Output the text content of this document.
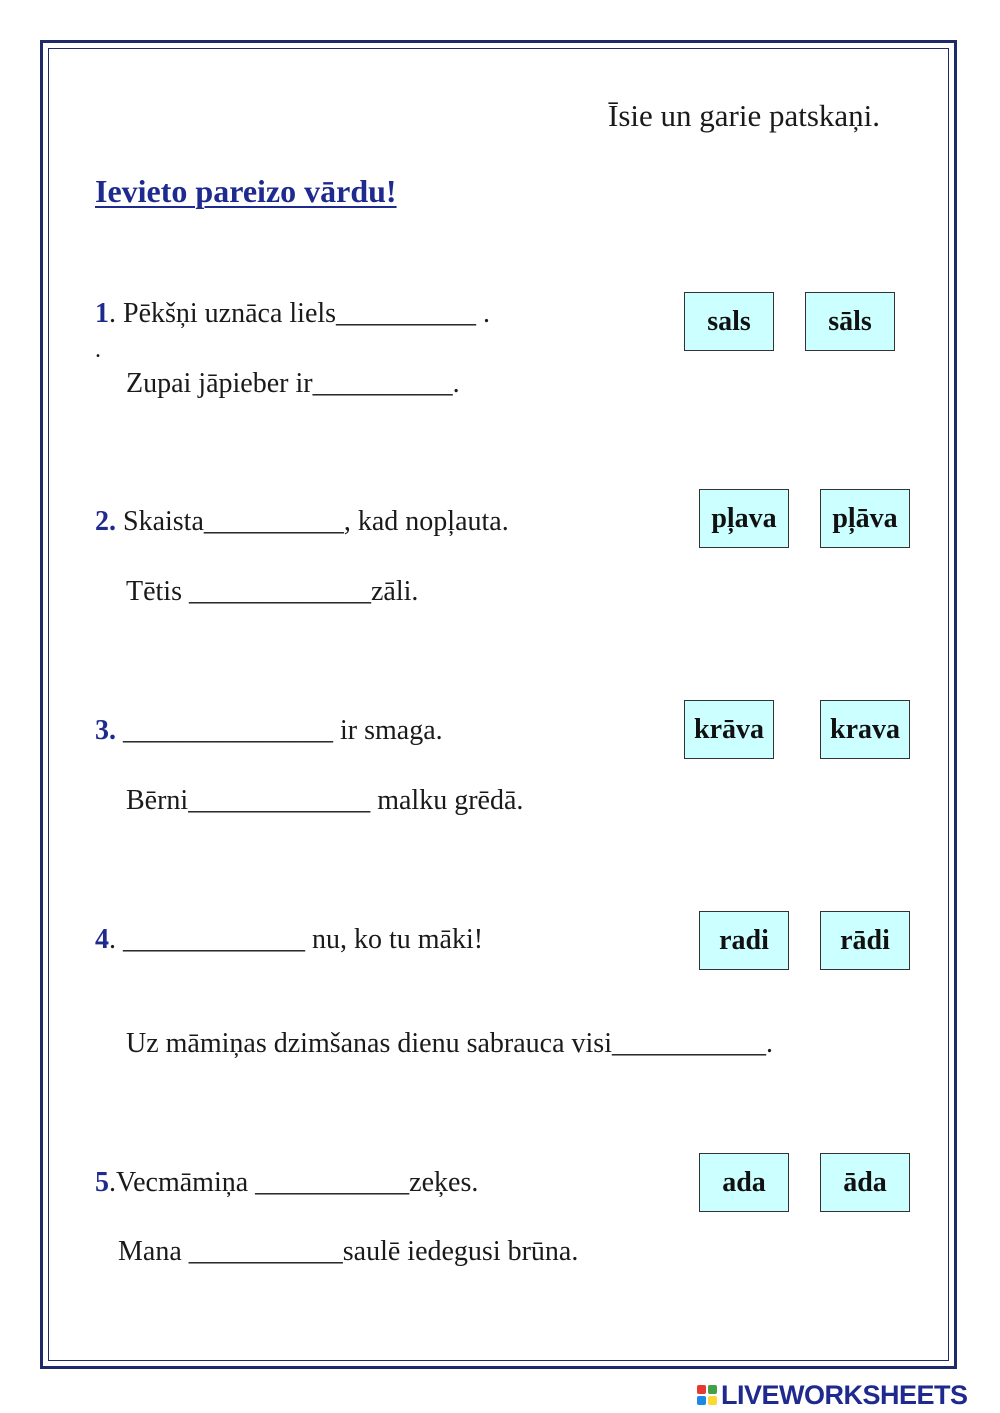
Īsie un garie patskaņi.
Ievieto pareizo vārdu!
1. Pēkšņi uznāca liels__________ .
.
Zupai jāpieber ir__________.
sals	sāls
2. Skaista__________, kad nopļauta.
Tētis _____________zāli.
pļava	pļāva
3. _______________ ir smaga.
Bērni_____________ malku grēdā.
krāva	krava
4. _____________ nu, ko tu māki!
Uz māmiņas dzimšanas dienu sabrauca visi___________.
radi	rādi
5.Vecmāmiņa ___________zeķes.
Mana ___________saulē iedegusi brūna.
ada	āda
LIVEWORKSHEETS
